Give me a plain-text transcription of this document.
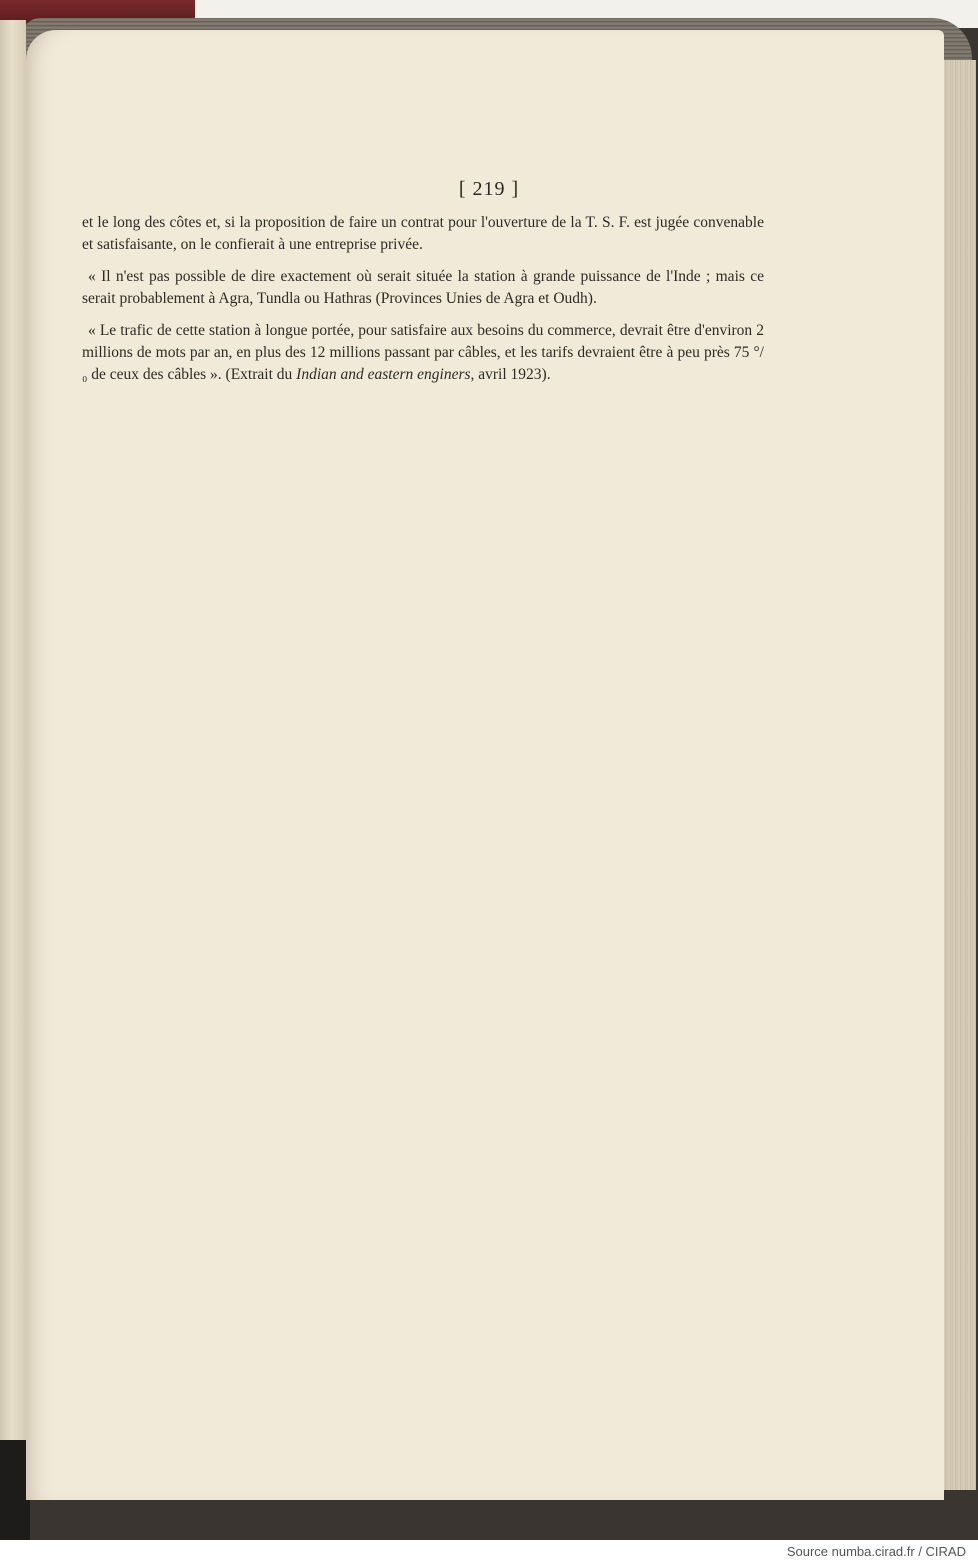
[ 219 ]

et le long des côtes et, si la proposition de faire un contrat pour l'ouverture de la T. S. F. est jugée convenable et satisfaisante, on le confierait à une entreprise privée.

« Il n'est pas possible de dire exactement où serait située la station à grande puissance de l'Inde ; mais ce serait probablement à Agra, Tundla ou Hathras (Provinces Unies de Agra et Oudh).

« Le trafic de cette station à longue portée, pour satisfaire aux besoins du commerce, devrait être d'environ 2 millions de mots par an, en plus des 12 millions passant par câbles, et les tarifs devraient être à peu près 75 °/₀ de ceux des câbles ». (Extrait du Indian and eastern enginers, avril 1923).

Source numba.cirad.fr / CIRAD
